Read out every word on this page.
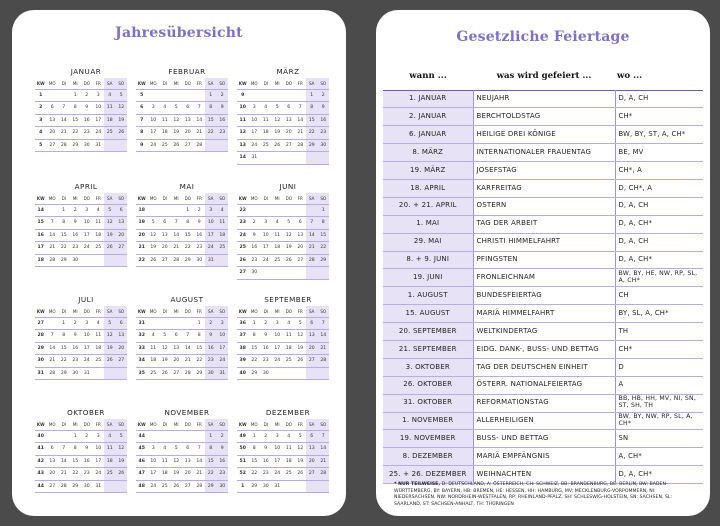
Jahresübersicht
JANUAR
KW	MO	DI	MI	DO	FR	SA	SO
1			1	2	3	4	5
2	6	7	8	9	10	11	12
3	13	14	15	16	17	18	19
4	20	21	22	23	24	25	26
5	27	28	29	30	31		
FEBRUAR
KW	MO	DI	MI	DO	FR	SA	SO
5						1	2
6	3	4	5	6	7	8	9
7	10	11	12	13	14	15	16
8	17	18	19	20	21	22	23
9	24	25	26	27	28		
MÄRZ
KW	MO	DI	MI	DO	FR	SA	SO
9						1	2
10	3	4	5	6	7	8	9
11	10	11	12	13	14	15	16
12	17	18	19	20	21	22	23
13	24	25	26	27	28	29	30
14	31						
APRIL
KW	MO	DI	MI	DO	FR	SA	SO
14		1	2	3	4	5	6
15	7	8	9	10	11	12	13
16	14	15	16	17	18	19	20
17	21	22	23	24	25	26	27
18	28	29	30				
MAI
KW	MO	DI	MI	DO	FR	SA	SO
18				1	2	3	4
19	5	6	7	8	9	10	11
20	12	13	14	15	16	17	18
21	19	20	21	22	23	24	25
22	26	27	28	29	30	31	
JUNI
KW	MO	DI	MI	DO	FR	SA	SO
22							1
23	2	3	4	5	6	7	8
24	9	10	11	12	13	14	15
25	16	17	18	19	20	21	22
26	23	24	25	26	27	28	29
27	30						
JULI
KW	MO	DI	MI	DO	FR	SA	SO
27		1	2	3	4	5	6
28	7	8	9	10	11	12	13
29	14	15	16	17	18	19	20
30	21	22	23	24	25	26	27
31	28	29	30	31			
AUGUST
KW	MO	DI	MI	DO	FR	SA	SO
31					1	2	3
32	4	5	6	7	8	9	10
33	11	12	13	14	15	16	17
34	18	19	20	21	22	23	24
35	25	26	27	28	29	30	31
SEPTEMBER
KW	MO	DI	MI	DO	FR	SA	SO
36	1	2	3	4	5	6	7
37	8	9	10	11	12	13	14
38	15	16	17	18	19	20	21
39	22	23	24	25	26	27	28
40	29	30					
OKTOBER
KW	MO	DI	MI	DO	FR	SA	SO
40			1	2	3	4	5
41	6	7	8	9	10	11	12
42	13	14	15	16	17	18	19
43	20	21	22	23	24	25	26
44	27	28	29	30	31		
NOVEMBER
KW	MO	DI	MI	DO	FR	SA	SO
44						1	2
45	3	4	5	6	7	8	9
46	10	11	12	13	14	15	16
47	17	18	19	20	21	22	23
48	24	25	26	27	28	29	30
DEZEMBER
KW	MO	DI	MI	DO	FR	SA	SO
49	1	2	3	4	5	6	7
50	8	9	10	11	12	13	14
51	15	16	17	18	19	20	21
52	22	23	24	25	26	27	28
1	29	30	31				
Gesetzliche Feiertage
wann ...	was wird gefeiert ...	wo ...
1. JANUAR	NEUJAHR	D, A, CH
2. JANUAR	BERCHTOLDSTAG	CH*
6. JANUAR	HEILIGE DREI KÖNIGE	BW, BY, ST, A, CH*
8. MÄRZ	INTERNATIONALER FRAUENTAG	BE, MV
19. MÄRZ	JOSEFSTAG	CH*, A
18. APRIL	KARFREITAG	D, CH*, A
20. + 21. APRIL	OSTERN	D, A, CH
1. MAI	TAG DER ARBEIT	D, A, CH*
29. MAI	CHRISTI HIMMELFAHRT	D, A, CH
8. + 9. JUNI	PFINGSTEN	D, A, CH*
19. JUNI	FRONLEICHNAM	BW, BY, HE, NW, RP, SL, A, CH*
1. AUGUST	BUNDESFEIERTAG	CH
15. AUGUST	MARIÄ HIMMELFAHRT	BY, SL, A, CH*
20. SEPTEMBER	WELTKINDERTAG	TH
21. SEPTEMBER	EIDG. DANK-, BUSS- UND BETTAG	CH*
3. OKTOBER	TAG DER DEUTSCHEN EINHEIT	D
26. OKTOBER	ÖSTERR. NATIONALFEIERTAG	A
31. OKTOBER	REFORMATIONSTAG	BB, HB, HH, MV, NI, SN, ST, SH, TH
1. NOVEMBER	ALLERHEILIGEN	BW, BY, NW, RP, SL, A, CH*
19. NOVEMBER	BUSS- UND BETTAG	SN
8. DEZEMBER	MARIÄ EMPFÄNGNIS	A, CH*
25. + 26. DEZEMBER	WEIHNACHTEN	D, A, CH*
* NUR TEILWEISE, D: DEUTSCHLAND, A: ÖSTERREICH, CH: SCHWEIZ, BB: BRANDENBURG, BE: BERLIN, BW: BADEN-WÜRTTEMBERG, BY: BAYERN, HB: BREMEN, HE: HESSEN, HH: HAMBURG, MV: MECKLENBURG-VORPOMMERN, NI: NIEDERSACHSEN, NW: NORDRHEIN-WESTFALEN, RP: RHEINLAND-PFALZ, SH: SCHLESWIG-HOLSTEIN, SN: SACHSEN, SL: SAARLAND, ST: SACHSEN-ANHALT, TH: THÜRINGEN
